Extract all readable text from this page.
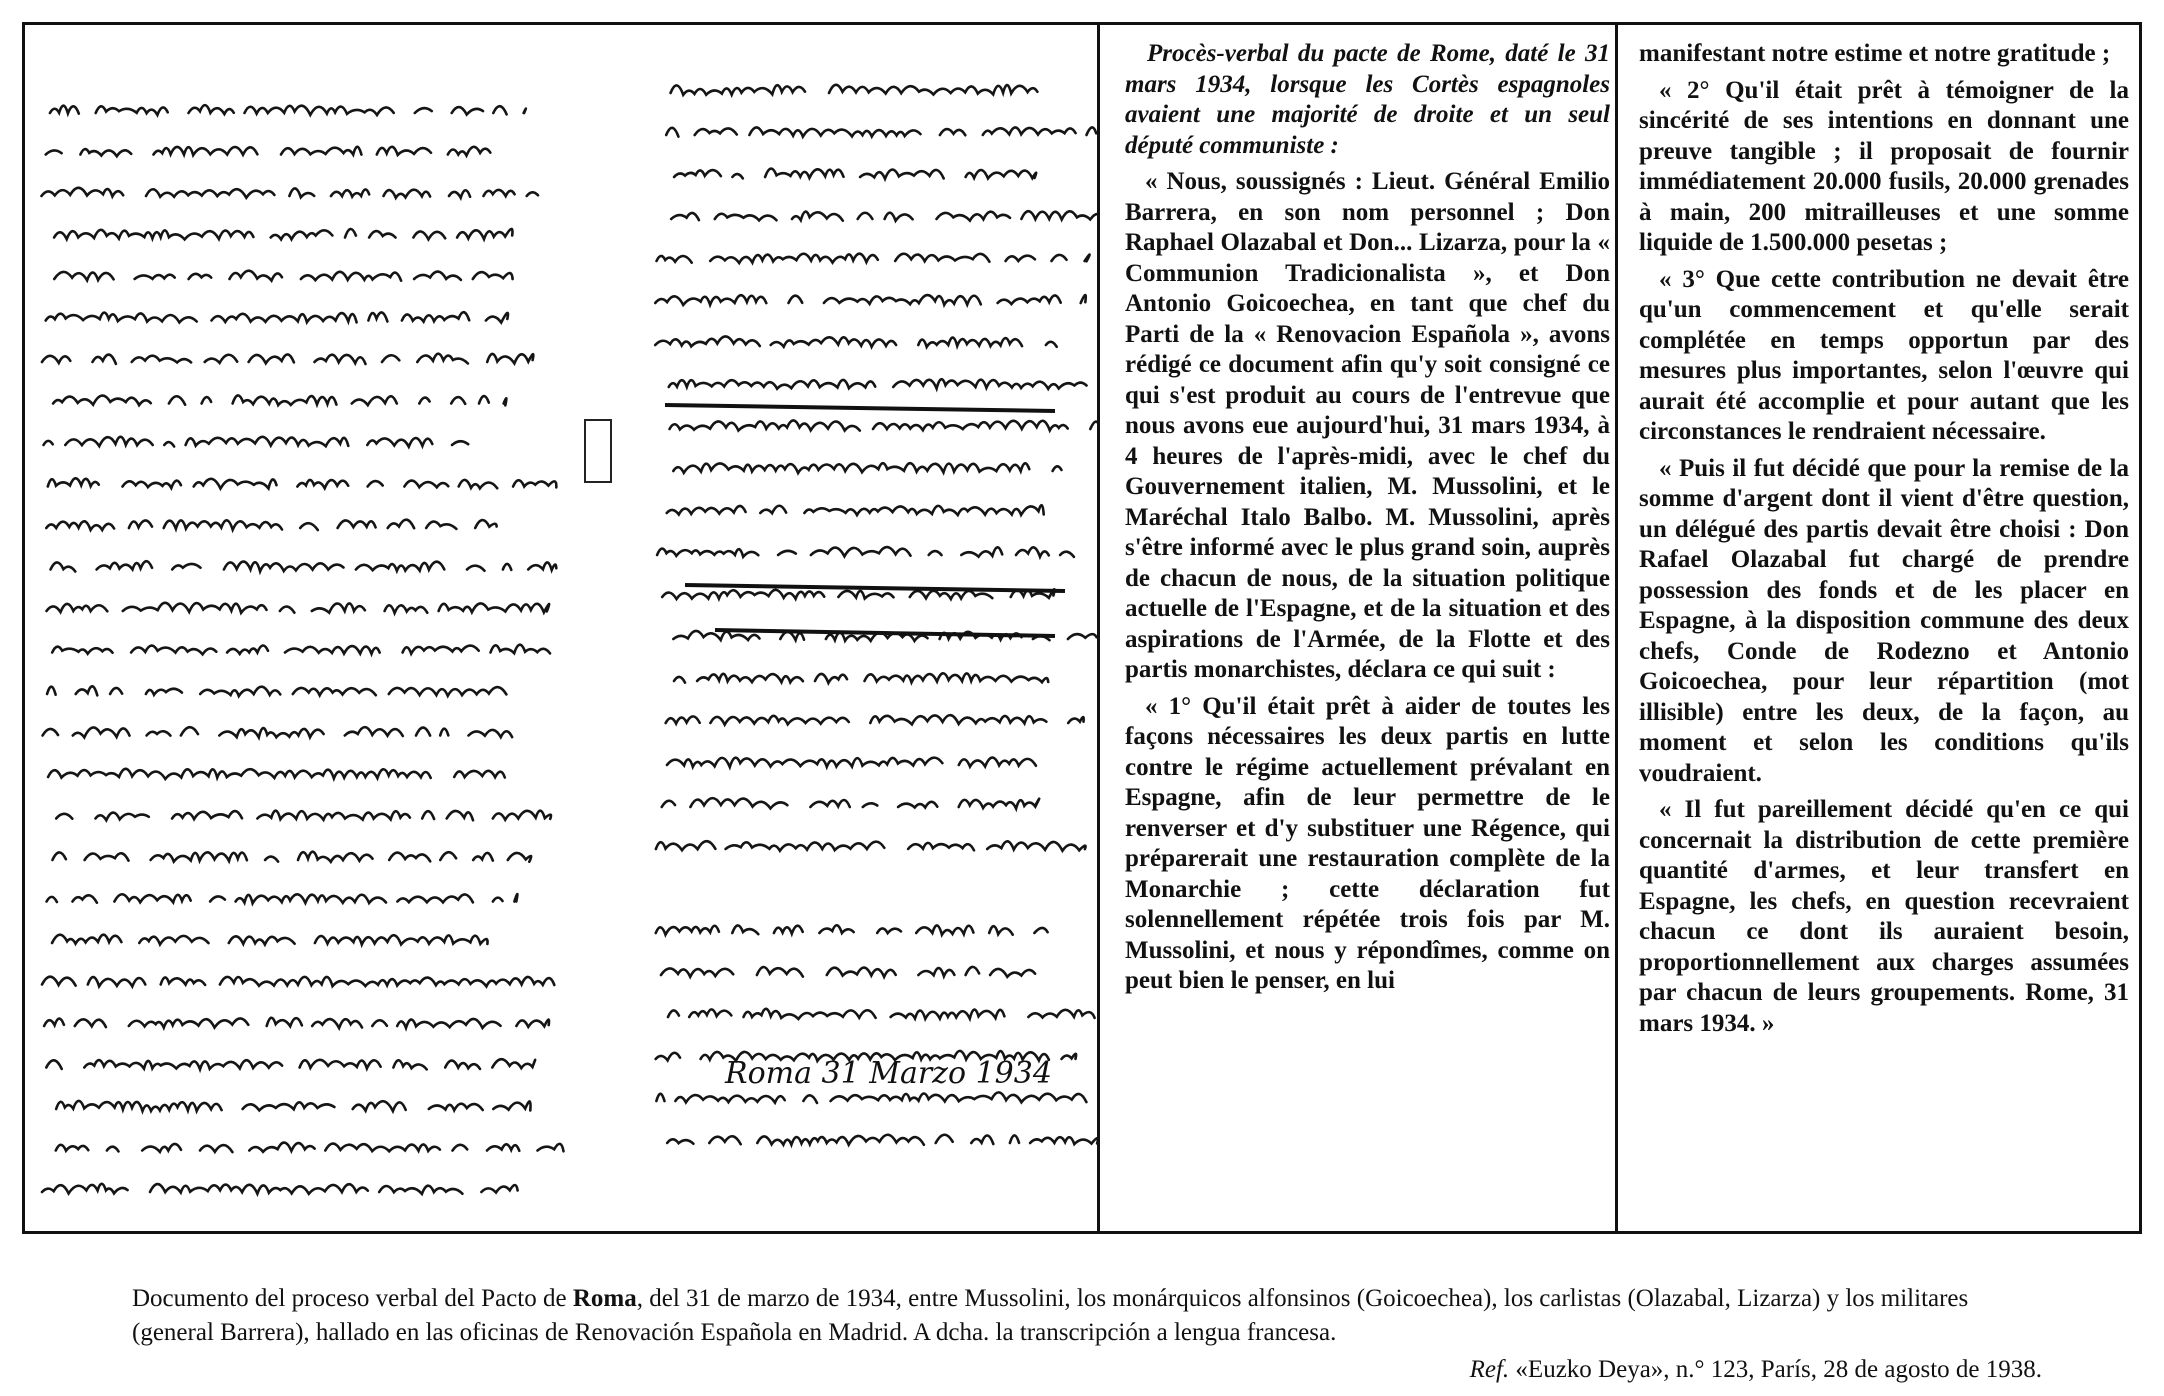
Roma 31 Marzo 1934

Procès-verbal du pacte de Rome, daté le 31 mars 1934, lorsque les Cortès espagnoles avaient une majorité de droite et un seul député communiste :

« Nous, soussignés : Lieut. Général Emilio Barrera, en son nom personnel ; Don Raphael Olazabal et Don... Lizarza, pour la « Communion Tradicionalista », et Don Antonio Goicoechea, en tant que chef du Parti de la « Renovacion Española », avons rédigé ce document afin qu'y soit consigné ce qui s'est produit au cours de l'entrevue que nous avons eue aujourd'hui, 31 mars 1934, à 4 heures de l'après-midi, avec le chef du Gouvernement italien, M. Mussolini, et le Maréchal Italo Balbo. M. Mussolini, après s'être informé avec le plus grand soin, auprès de chacun de nous, de la situation politique actuelle de l'Espagne, et de la situation et des aspirations de l'Armée, de la Flotte et des partis monarchistes, déclara ce qui suit :

« 1° Qu'il était prêt à aider de toutes les façons nécessaires les deux partis en lutte contre le régime actuellement prévalant en Espagne, afin de leur permettre de le renverser et d'y substituer une Régence, qui préparerait une restauration complète de la Monarchie ; cette déclaration fut solennellement répétée trois fois par M. Mussolini, et nous y répondîmes, comme on peut bien le penser, en lui

manifestant notre estime et notre gratitude ;

« 2° Qu'il était prêt à témoigner de la sincérité de ses intentions en donnant une preuve tangible ; il proposait de fournir immédiatement 20.000 fusils, 20.000 grenades à main, 200 mitrailleuses et une somme liquide de 1.500.000 pesetas ;

« 3° Que cette contribution ne devait être qu'un commencement et qu'elle serait complétée en temps opportun par des mesures plus importantes, selon l'œuvre qui aurait été accomplie et pour autant que les circonstances le rendraient nécessaire.

« Puis il fut décidé que pour la remise de la somme d'argent dont il vient d'être question, un délégué des partis devait être choisi : Don Rafael Olazabal fut chargé de prendre possession des fonds et de les placer en Espagne, à la disposition commune des deux chefs, Conde de Rodezno et Antonio Goicoechea, pour leur répartition (mot illisible) entre les deux, de la façon, au moment et selon les conditions qu'ils voudraient.

« Il fut pareillement décidé qu'en ce qui concernait la distribution de cette première quantité d'armes, et leur transfert en Espagne, les chefs, en question recevraient chacun ce dont ils auraient besoin, proportionnellement aux charges assumées par chacun de leurs groupements. Rome, 31 mars 1934. »

Documento del proceso verbal del Pacto de Roma, del 31 de marzo de 1934, entre Mussolini, los monárquicos alfonsinos (Goicoechea), los carlistas (Olazabal, Lizarza) y los militares (general Barrera), hallado en las oficinas de Renovación Española en Madrid. A dcha. la transcripción a lengua francesa.
Ref. «Euzko Deya», n.° 123, París, 28 de agosto de 1938.
